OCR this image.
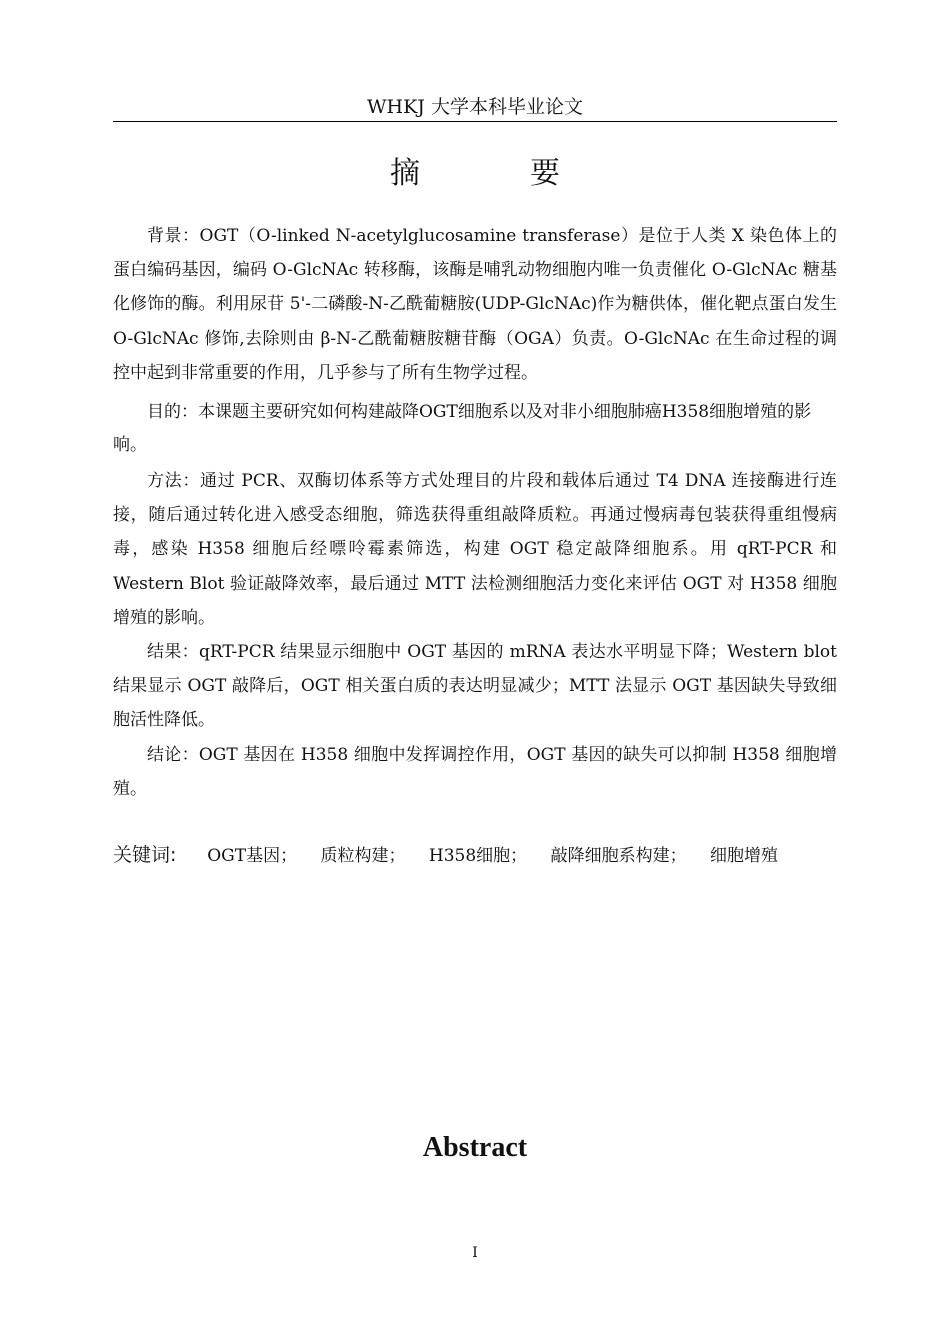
WHKJ 大学本科毕业论文
摘　要

背景：OGT（O-linked N-acetylglucosamine transferase）是位于人类 X 染色体上的蛋白编码基因，编码 O-GlcNAc 转移酶，该酶是哺乳动物细胞内唯一负责催化 O-GlcNAc 糖基化修饰的酶。利用尿苷 5'-二磷酸-N-乙酰葡糖胺(UDP-GlcNAc)作为糖供体，催化靶点蛋白发生 O-GlcNAc 修饰,去除则由 β-N-乙酰葡糖胺糖苷酶（OGA）负责。O-GlcNAc 在生命过程的调控中起到非常重要的作用，几乎参与了所有生物学过程。

目的：本课题主要研究如何构建敲降OGT细胞系以及对非小细胞肺癌H358细胞增殖的影响。

方法：通过 PCR、双酶切体系等方式处理目的片段和载体后通过 T4 DNA 连接酶进行连接，随后通过转化进入感受态细胞，筛选获得重组敲降质粒。再通过慢病毒包装获得重组慢病毒，感染 H358 细胞后经嘌呤霉素筛选，构建 OGT 稳定敲降细胞系。用 qRT-PCR 和 Western Blot 验证敲降效率，最后通过 MTT 法检测细胞活力变化来评估 OGT 对 H358 细胞增殖的影响。

结果：qRT-PCR 结果显示细胞中 OGT 基因的 mRNA 表达水平明显下降；Western blot 结果显示 OGT 敲降后，OGT 相关蛋白质的表达明显减少；MTT 法显示 OGT 基因缺失导致细胞活性降低。

结论：OGT 基因在 H358 细胞中发挥调控作用，OGT 基因的缺失可以抑制 H358 细胞增殖。

关键词: OGT基因； 质粒构建； H358细胞； 敲降细胞系构建； 细胞增殖
Abstract
I
